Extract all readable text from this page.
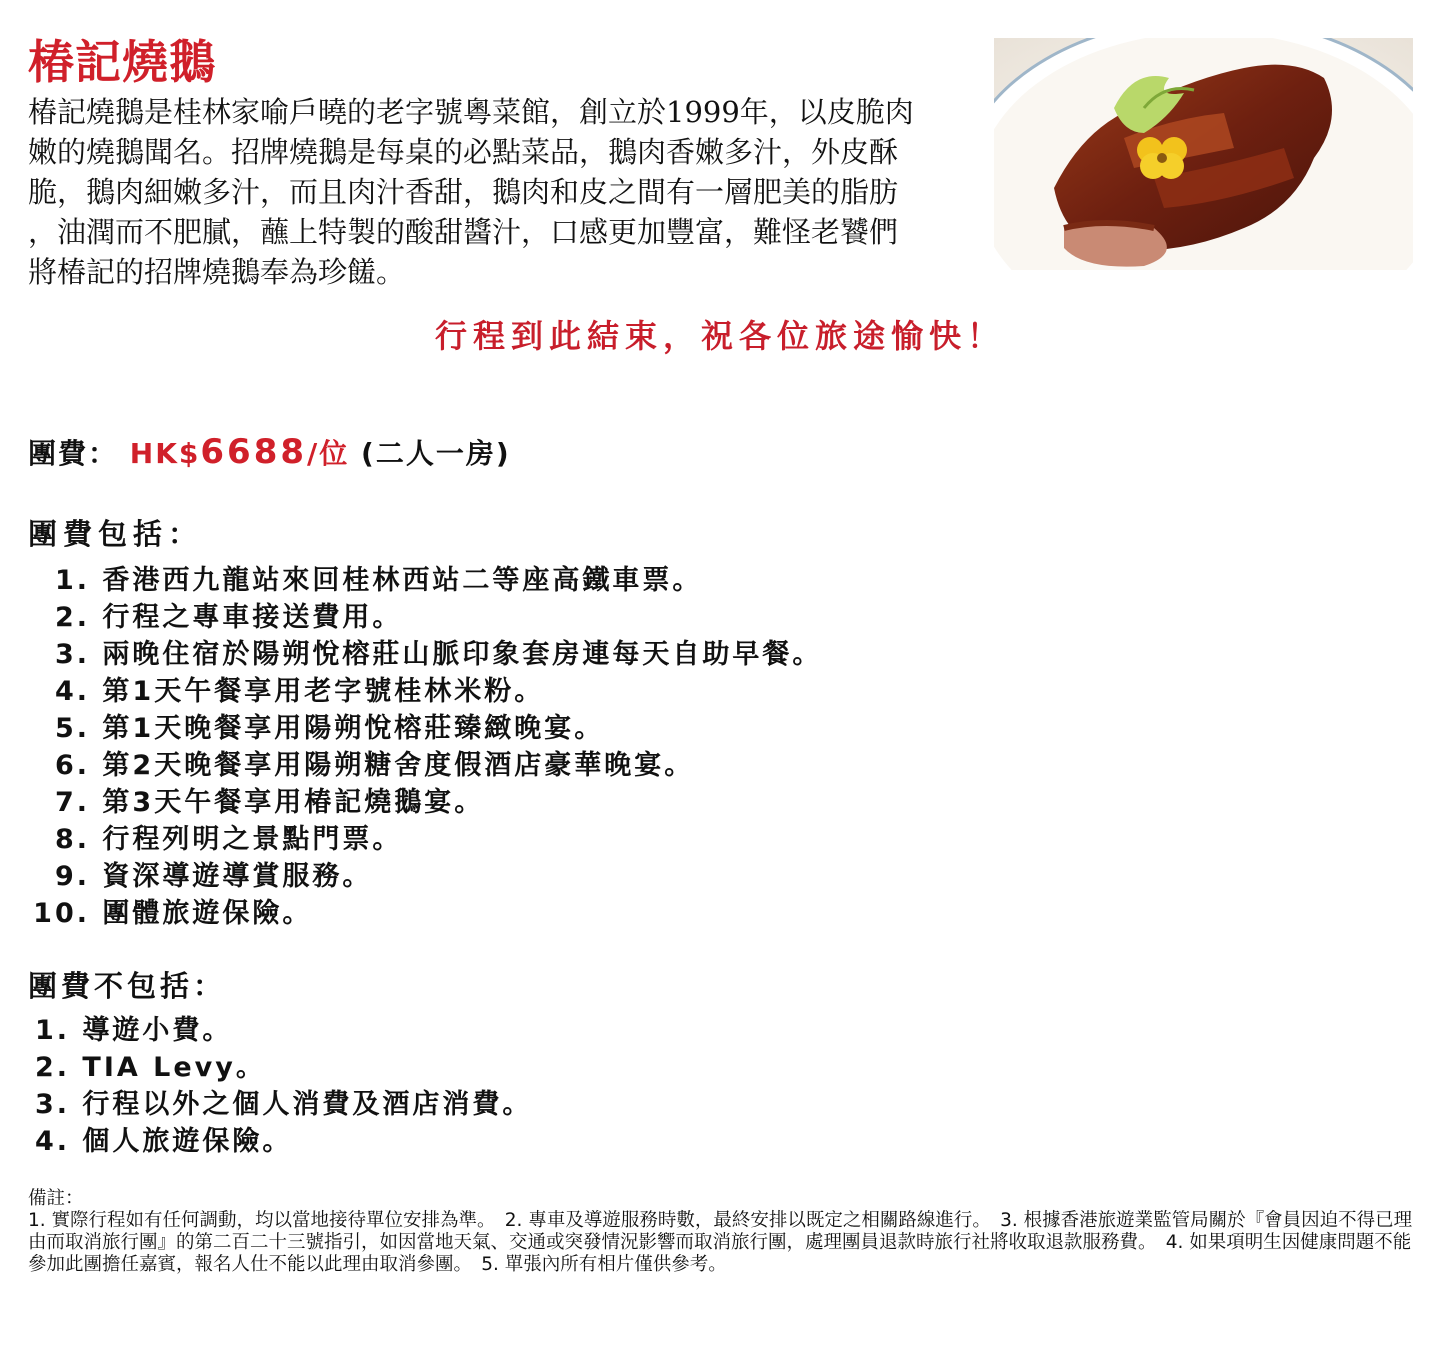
椿記燒鵝
椿記燒鵝是桂林家喻戶曉的老字號粵菜館，創立於1999年，以皮脆肉
嫩的燒鵝聞名。招牌燒鵝是每桌的必點菜品，鵝肉香嫩多汁，外皮酥
脆，鵝肉細嫩多汁，而且肉汁香甜，鵝肉和皮之間有一層肥美的脂肪
，油潤而不肥膩，蘸上特製的酸甜醬汁，口感更加豐富，難怪老饕們
將椿記的招牌燒鵝奉為珍饈。
行程到此結束，祝各位旅途愉快！
團費： HK$6688/位 (二人一房)
團費包括：
1. 香港西九龍站來回桂林西站二等座高鐵車票。
2. 行程之專車接送費用。
3. 兩晚住宿於陽朔悅榕莊山脈印象套房連每天自助早餐。
4. 第1天午餐享用老字號桂林米粉。
5. 第1天晚餐享用陽朔悅榕莊臻緻晚宴。
6. 第2天晚餐享用陽朔糖舍度假酒店豪華晚宴。
7. 第3天午餐享用椿記燒鵝宴。
8. 行程列明之景點門票。
9. 資深導遊導賞服務。
10. 團體旅遊保險。
團費不包括：
1. 導遊小費。
2. TIA Levy。
3. 行程以外之個人消費及酒店消費。
4. 個人旅遊保險。
備註：
1. 實際行程如有任何調動，均以當地接待單位安排為準。　2. 專車及導遊服務時數，最終安排以既定之相關路線進行。　3. 根據香港旅遊業監管局關於『會員因迫不得已理由而取消旅行團』的第二百二十三號指引，如因當地天氣、交通或突發情況影響而取消旅行團，處理團員退款時旅行社將收取退款服務費。　4. 如果項明生因健康問題不能參加此團擔任嘉賓，報名人仕不能以此理由取消參團。　5. 單張內所有相片僅供參考。
